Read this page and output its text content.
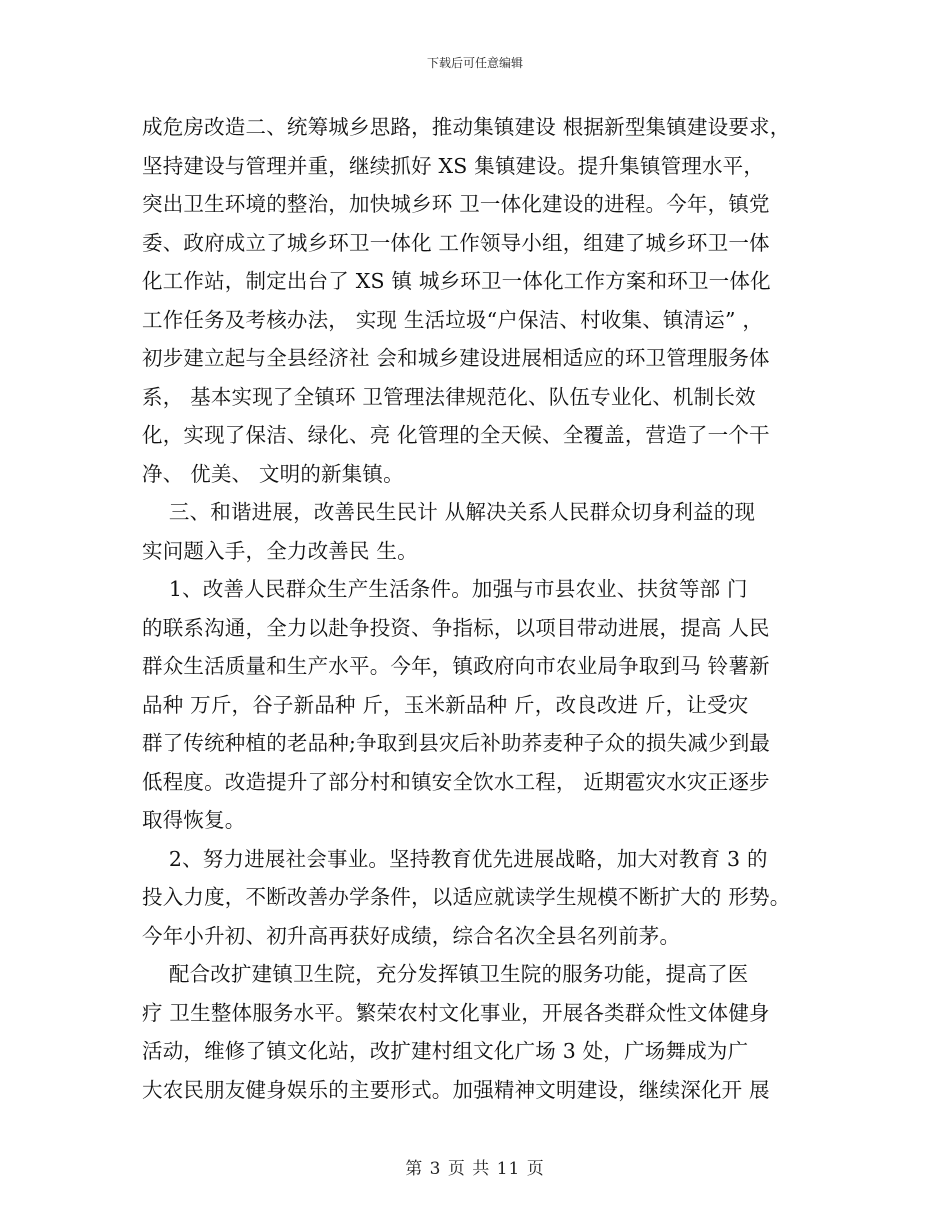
下载后可任意编辑
成危房改造二、统筹城乡思路，推动集镇建设 根据新型集镇建设要求，
坚持建设与管理并重，继续抓好 XS 集镇建设。提升集镇管理水平，
突出卫生环境的整治，加快城乡环 卫一体化建设的进程。今年，镇党
委、政府成立了城乡环卫一体化 工作领导小组，组建了城乡环卫一体
化工作站，制定出台了 XS 镇 城乡环卫一体化工作方案和环卫一体化
工作任务及考核办法， 实现 生活垃圾“户保洁、村收集、镇清运” ，
初步建立起与全县经济社 会和城乡建设进展相适应的环卫管理服务体
系， 基本实现了全镇环 卫管理法律规范化、队伍专业化、机制长效
化，实现了保洁、绿化、亮 化管理的全天候、全覆盖，营造了一个干
净、 优美、 文明的新集镇。
三、和谐进展，改善民生民计 从解决关系人民群众切身利益的现
实问题入手，全力改善民 生。
1、改善人民群众生产生活条件。加强与市县农业、扶贫等部 门
的联系沟通，全力以赴争投资、争指标，以项目带动进展，提高 人民
群众生活质量和生产水平。今年，镇政府向市农业局争取到马 铃薯新
品种 万斤，谷子新品种 斤，玉米新品种 斤，改良改进 斤，让受灾
群了传统种植的老品种;争取到县灾后补助荞麦种子众的损失减少到最
低程度。改造提升了部分村和镇安全饮水工程， 近期雹灾水灾正逐步
取得恢复。
2、努力进展社会事业。坚持教育优先进展战略，加大对教育 3 的
投入力度，不断改善办学条件，以适应就读学生规模不断扩大的 形势。
今年小升初、初升高再获好成绩，综合名次全县名列前茅。
配合改扩建镇卫生院，充分发挥镇卫生院的服务功能，提高了医
疗 卫生整体服务水平。繁荣农村文化事业，开展各类群众性文体健身
活动，维修了镇文化站，改扩建村组文化广场 3 处，广场舞成为广
大农民朋友健身娱乐的主要形式。加强精神文明建设，继续深化开 展
第 3 页 共 11 页
